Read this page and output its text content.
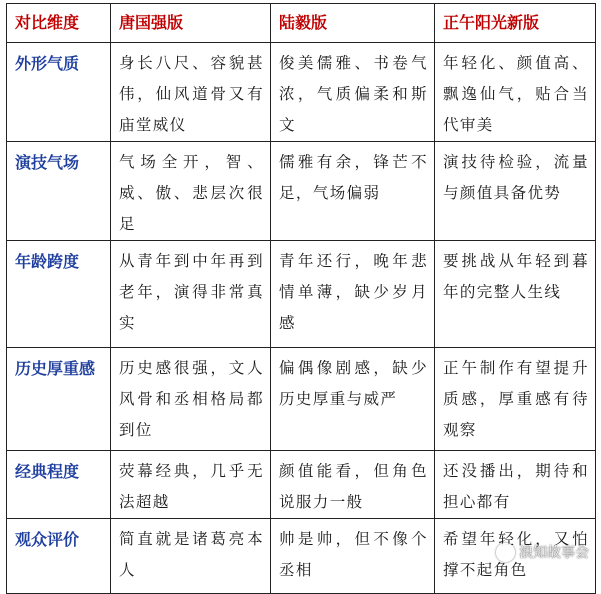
对比维度	唐国强版	陆毅版	正午阳光新版
外形气质	身长八尺、容貌甚伟，仙风道骨又有庙堂威仪	俊美儒雅、书卷气浓，气质偏柔和斯文	年轻化、颜值高、飘逸仙气，贴合当代审美
演技气场	气场全开，智、威、傲、悲层次很足	儒雅有余，锋芒不足，气场偏弱	演技待检验，流量与颜值具备优势
年龄跨度	从青年到中年再到老年，演得非常真实	青年还行，晚年悲情单薄，缺少岁月感	要挑战从年轻到暮年的完整人生线
历史厚重感	历史感很强，文人风骨和丞相格局都到位	偏偶像剧感，缺少历史厚重与威严	正午制作有望提升质感，厚重感有待观察
经典程度	荧幕经典，几乎无法超越	颜值能看，但角色说服力一般	还没播出，期待和担心都有
观众评价	简直就是诸葛亮本人	帅是帅，但不像个丞相	希望年轻化，又怕撑不起角色
浪知故事会
